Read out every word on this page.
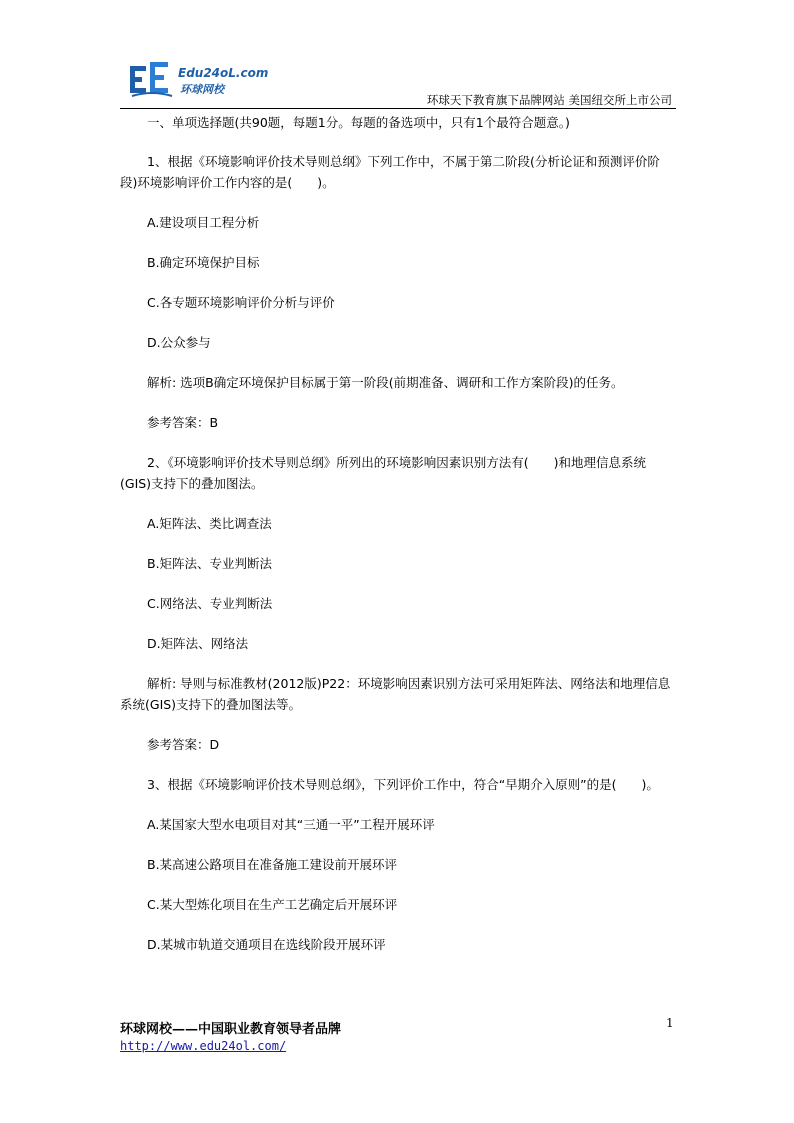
Edu24oL.com
环球网校
环球天下教育旗下品牌网站 美国纽交所上市公司

一、单项选择题(共90题，每题1分。每题的备选项中，只有1个最符合题意。)

1、根据《环境影响评价技术导则总纲》下列工作中，不属于第二阶段(分析论证和预测评价阶段)环境影响评价工作内容的是(　　)。

A.建设项目工程分析

B.确定环境保护目标

C.各专题环境影响评价分析与评价

D.公众参与

解析: 选项B确定环境保护目标属于第一阶段(前期准备、调研和工作方案阶段)的任务。

参考答案：B

2、《环境影响评价技术导则总纲》所列出的环境影响因素识别方法有(　　)和地理信息系统(GIS)支持下的叠加图法。

A.矩阵法、类比调查法

B.矩阵法、专业判断法

C.网络法、专业判断法

D.矩阵法、网络法

解析: 导则与标准教材(2012版)P22：环境影响因素识别方法可采用矩阵法、网络法和地理信息系统(GIS)支持下的叠加图法等。

参考答案：D

3、根据《环境影响评价技术导则总纲》，下列评价工作中，符合“早期介入原则”的是(　　)。

A.某国家大型水电项目对其“三通一平”工程开展环评

B.某高速公路项目在准备施工建设前开展环评

C.某大型炼化项目在生产工艺确定后开展环评

D.某城市轨道交通项目在选线阶段开展环评

环球网校——中国职业教育领导者品牌
http://www.edu24ol.com/
1
